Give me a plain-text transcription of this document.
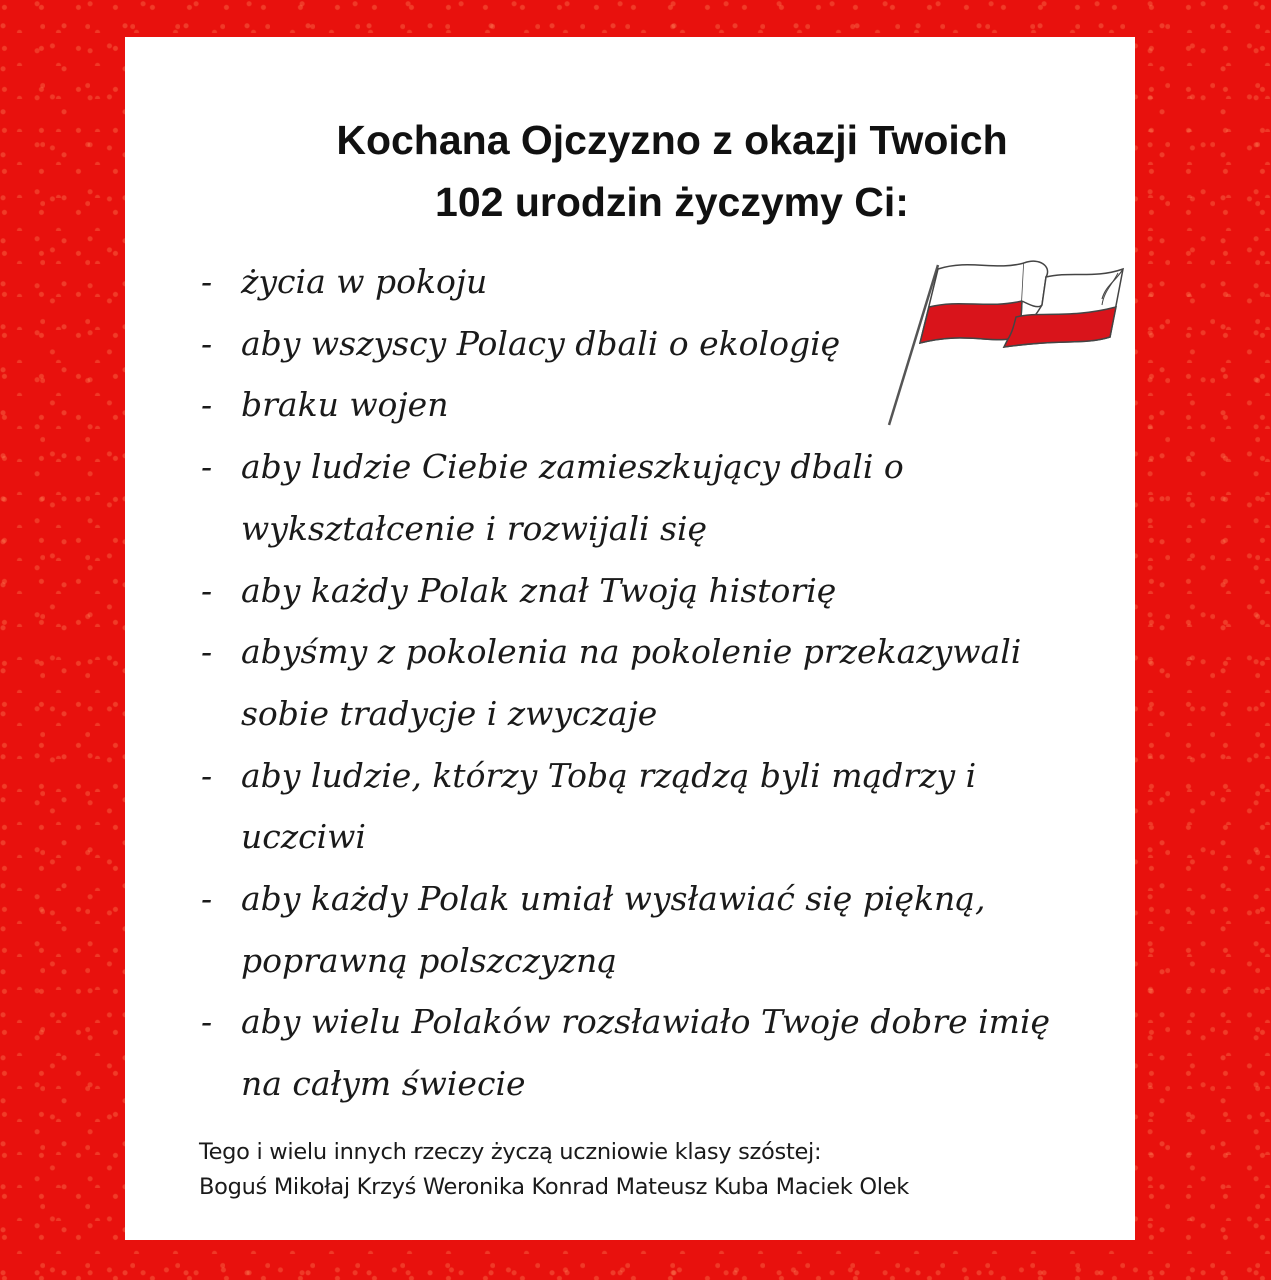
Kochana Ojczyzno z okazji Twoich
102 urodzin życzymy Ci:
- życia w pokoju
- aby wszyscy Polacy dbali o ekologię
- braku wojen
- aby ludzie Ciebie zamieszkujący dbali o wykształcenie i rozwijali się
- aby każdy Polak znał Twoją historię
- abyśmy z pokolenia na pokolenie przekazywali sobie tradycje i zwyczaje
- aby ludzie, którzy Tobą rządzą byli mądrzy i uczciwi
- aby każdy Polak umiał wysławiać się piękną, poprawną polszczyzną
- aby wielu Polaków rozsławiało Twoje dobre imię na całym świecie
Tego i wielu innych rzeczy życzą uczniowie klasy szóstej:
Boguś Mikołaj Krzyś Weronika Konrad Mateusz Kuba Maciek Olek
